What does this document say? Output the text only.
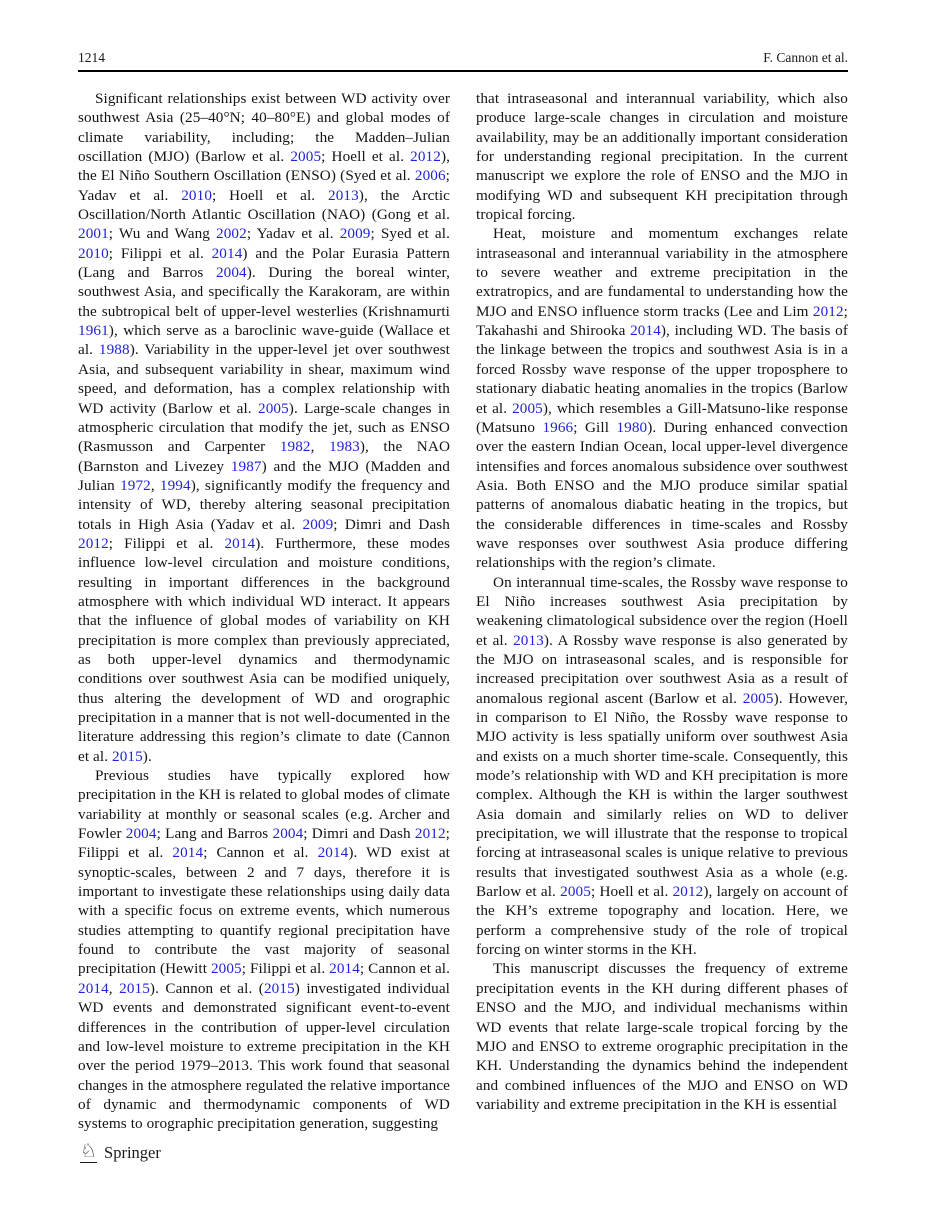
1214	F. Cannon et al.

Significant relationships exist between WD activity over southwest Asia (25–40°N; 40–80°E) and global modes of climate variability, including; the Madden–Julian oscillation (MJO) (Barlow et al. 2005; Hoell et al. 2012), the El Niño Southern Oscillation (ENSO) (Syed et al. 2006; Yadav et al. 2010; Hoell et al. 2013), the Arctic Oscillation/North Atlantic Oscillation (NAO) (Gong et al. 2001; Wu and Wang 2002; Yadav et al. 2009; Syed et al. 2010; Filippi et al. 2014) and the Polar Eurasia Pattern (Lang and Barros 2004). During the boreal winter, southwest Asia, and specifically the Karakoram, are within the subtropical belt of upper-level westerlies (Krishnamurti 1961), which serve as a baroclinic wave-guide (Wallace et al. 1988). Variability in the upper-level jet over southwest Asia, and subsequent variability in shear, maximum wind speed, and deformation, has a complex relationship with WD activity (Barlow et al. 2005). Large-scale changes in atmospheric circulation that modify the jet, such as ENSO (Rasmusson and Carpenter 1982, 1983), the NAO (Barnston and Livezey 1987) and the MJO (Madden and Julian 1972, 1994), significantly modify the frequency and intensity of WD, thereby altering seasonal precipitation totals in High Asia (Yadav et al. 2009; Dimri and Dash 2012; Filippi et al. 2014). Furthermore, these modes influence low-level circulation and moisture conditions, resulting in important differences in the background atmosphere with which individual WD interact. It appears that the influence of global modes of variability on KH precipitation is more complex than previously appreciated, as both upper-level dynamics and thermodynamic conditions over southwest Asia can be modified uniquely, thus altering the development of WD and orographic precipitation in a manner that is not well-documented in the literature addressing this region’s climate to date (Cannon et al. 2015).

Previous studies have typically explored how precipitation in the KH is related to global modes of climate variability at monthly or seasonal scales (e.g. Archer and Fowler 2004; Lang and Barros 2004; Dimri and Dash 2012; Filippi et al. 2014; Cannon et al. 2014). WD exist at synoptic-scales, between 2 and 7 days, therefore it is important to investigate these relationships using daily data with a specific focus on extreme events, which numerous studies attempting to quantify regional precipitation have found to contribute the vast majority of seasonal precipitation (Hewitt 2005; Filippi et al. 2014; Cannon et al. 2014, 2015). Cannon et al. (2015) investigated individual WD events and demonstrated significant event-to-event differences in the contribution of upper-level circulation and low-level moisture to extreme precipitation in the KH over the period 1979–2013. This work found that seasonal changes in the atmosphere regulated the relative importance of dynamic and thermodynamic components of WD systems to orographic precipitation generation, suggesting

that intraseasonal and interannual variability, which also produce large-scale changes in circulation and moisture availability, may be an additionally important consideration for understanding regional precipitation. In the current manuscript we explore the role of ENSO and the MJO in modifying WD and subsequent KH precipitation through tropical forcing.

Heat, moisture and momentum exchanges relate intraseasonal and interannual variability in the atmosphere to severe weather and extreme precipitation in the extratropics, and are fundamental to understanding how the MJO and ENSO influence storm tracks (Lee and Lim 2012; Takahashi and Shirooka 2014), including WD. The basis of the linkage between the tropics and southwest Asia is in a forced Rossby wave response of the upper troposphere to stationary diabatic heating anomalies in the tropics (Barlow et al. 2005), which resembles a Gill-Matsuno-like response (Matsuno 1966; Gill 1980). During enhanced convection over the eastern Indian Ocean, local upper-level divergence intensifies and forces anomalous subsidence over southwest Asia. Both ENSO and the MJO produce similar spatial patterns of anomalous diabatic heating in the tropics, but the considerable differences in time-scales and Rossby wave responses over southwest Asia produce differing relationships with the region’s climate.

On interannual time-scales, the Rossby wave response to El Niño increases southwest Asia precipitation by weakening climatological subsidence over the region (Hoell et al. 2013). A Rossby wave response is also generated by the MJO on intraseasonal scales, and is responsible for increased precipitation over southwest Asia as a result of anomalous regional ascent (Barlow et al. 2005). However, in comparison to El Niño, the Rossby wave response to MJO activity is less spatially uniform over southwest Asia and exists on a much shorter time-scale. Consequently, this mode’s relationship with WD and KH precipitation is more complex. Although the KH is within the larger southwest Asia domain and similarly relies on WD to deliver precipitation, we will illustrate that the response to tropical forcing at intraseasonal scales is unique relative to previous results that investigated southwest Asia as a whole (e.g. Barlow et al. 2005; Hoell et al. 2012), largely on account of the KH’s extreme topography and location. Here, we perform a comprehensive study of the role of tropical forcing on winter storms in the KH.

This manuscript discusses the frequency of extreme precipitation events in the KH during different phases of ENSO and the MJO, and individual mechanisms within WD events that relate large-scale tropical forcing by the MJO and ENSO to extreme orographic precipitation in the KH. Understanding the dynamics behind the independent and combined influences of the MJO and ENSO on WD variability and extreme precipitation in the KH is essential

♘ Springer
